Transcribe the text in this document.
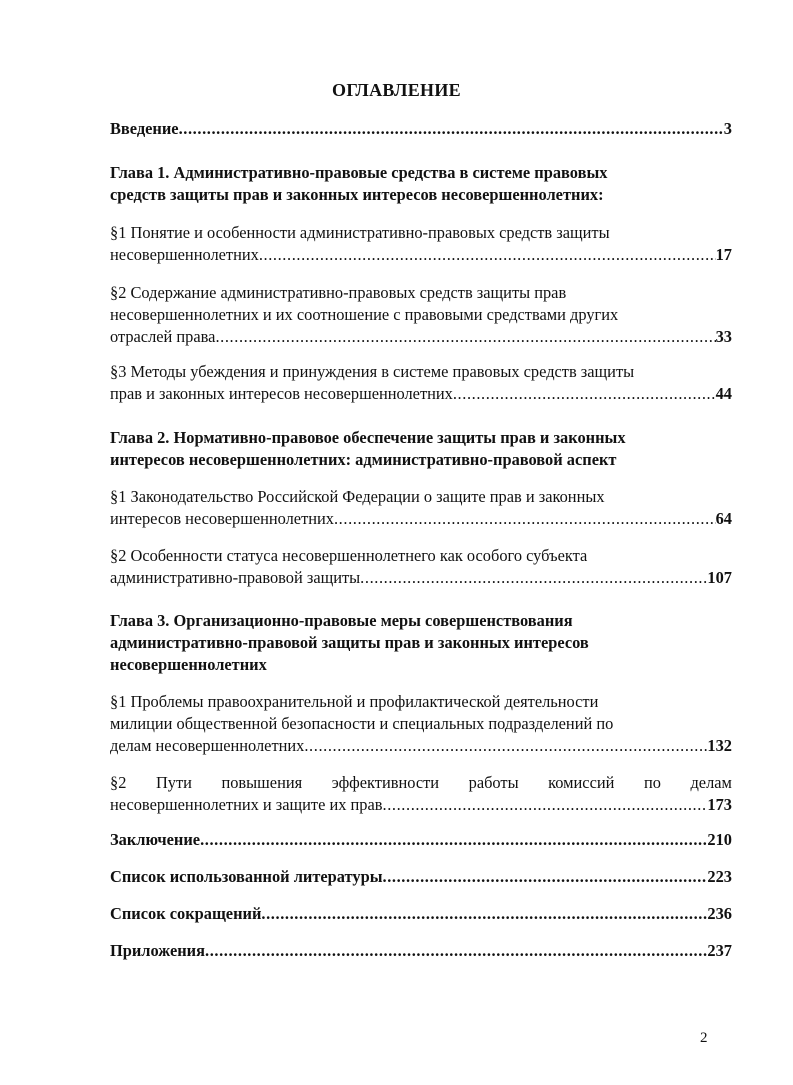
ОГЛАВЛЕНИЕ
Введение .....	3
Глава 1. Административно-правовые средства в системе правовых
средств защиты прав и законных интересов несовершеннолетних:
§1 Понятие и особенности административно-правовых средств защиты
несовершеннолетних .....	17
§2 Содержание административно-правовых средств защиты прав
несовершеннолетних и их соотношение с правовыми средствами других
отраслей права .....	33
§3 Методы убеждения и принуждения в системе правовых средств защиты
прав и законных интересов несовершеннолетних .....	44
Глава 2. Нормативно-правовое обеспечение защиты прав и законных
интересов несовершеннолетних: административно-правовой аспект
§1 Законодательство Российской Федерации о защите прав и законных
интересов несовершеннолетних .....	64
§2 Особенности статуса несовершеннолетнего как особого субъекта
административно-правовой защиты .....	107
Глава 3. Организационно-правовые меры совершенствования
административно-правовой защиты прав и законных интересов
несовершеннолетних
§1 Проблемы правоохранительной и профилактической деятельности
милиции общественной безопасности и специальных подразделений по
делам несовершеннолетних .....	132
§2 Пути повышения эффективности работы комиссий по делам
несовершеннолетних и защите их прав .....	173
Заключение .....	210
Список использованной литературы .....	223
Список сокращений .....	236
Приложения .....	237
2
